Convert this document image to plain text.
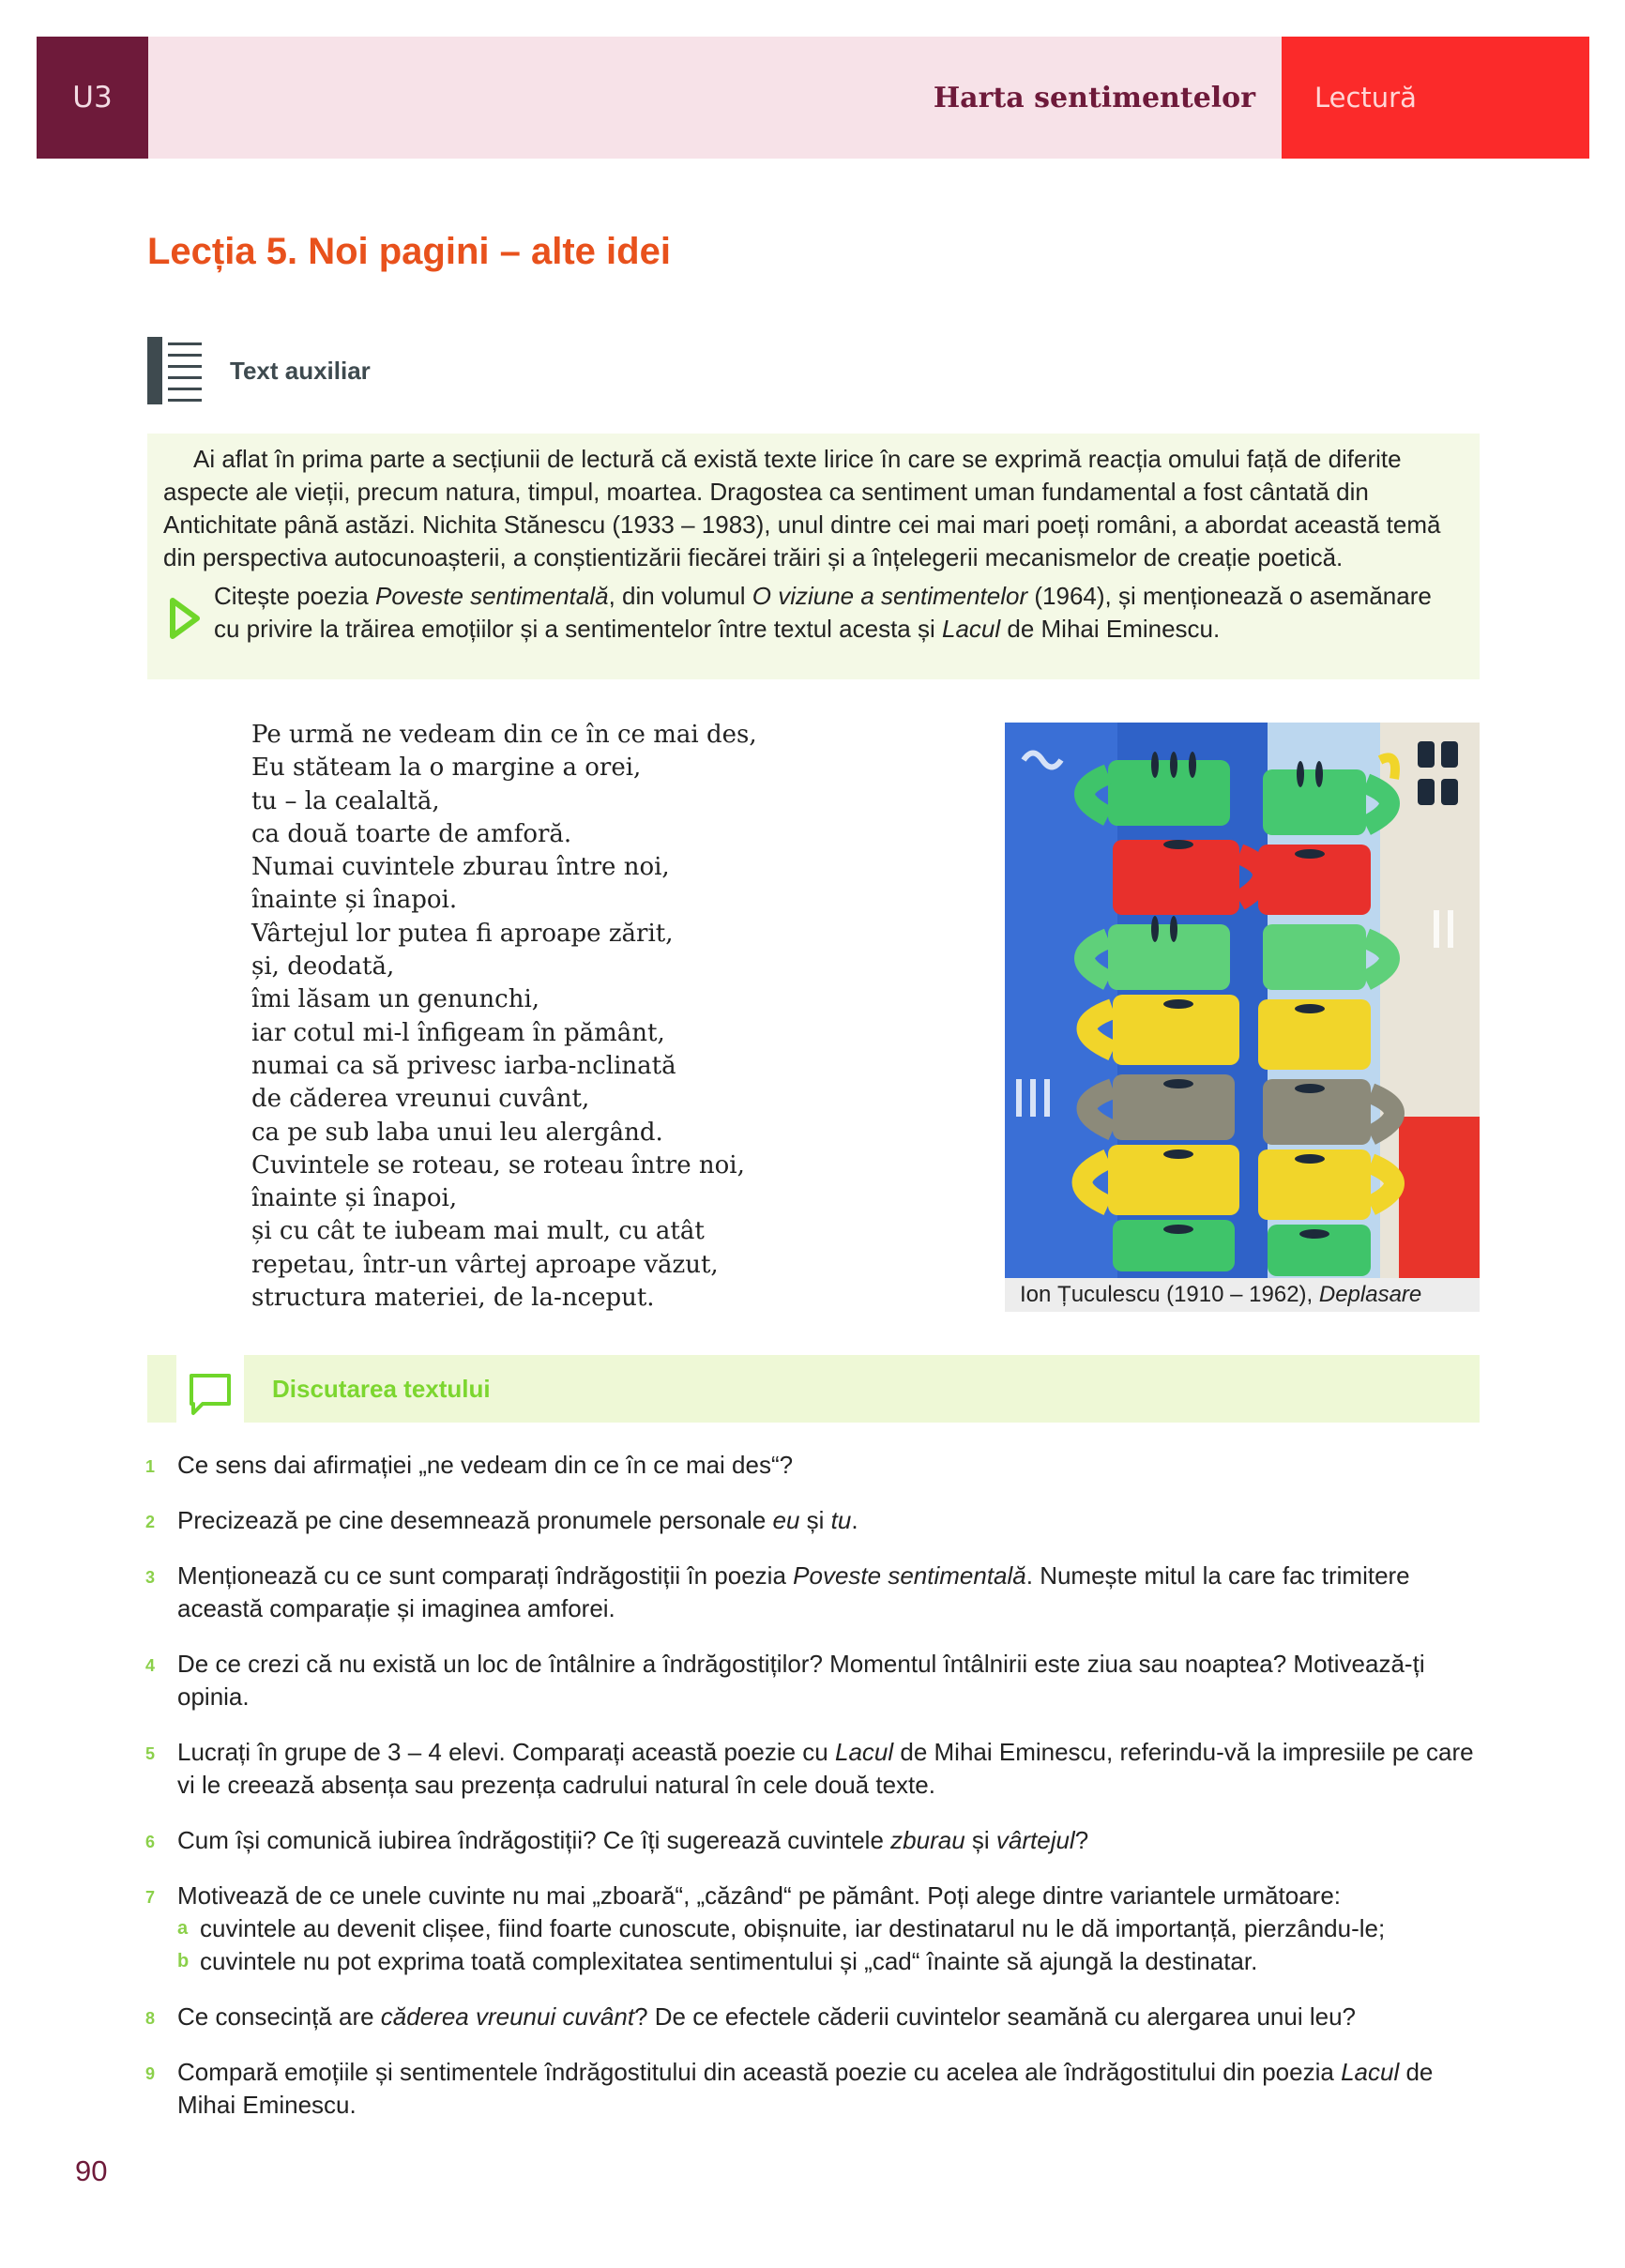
U3	Harta sentimentelor	Lectură
Lecția 5. Noi pagini – alte idei
Text auxiliar

Ai aflat în prima parte a secțiunii de lectură că există texte lirice în care se exprimă reacția omului față de diferite aspecte ale vieții, precum natura, timpul, moartea. Dragostea ca sentiment uman fundamental a fost cântată din Antichitate până astăzi. Nichita Stănescu (1933 – 1983), unul dintre cei mai mari poeți români, a abordat această temă din perspectiva autocunoașterii, a conștientizării fiecărei trăiri și a înțelegerii mecanismelor de creație poetică.

Citește poezia Poveste sentimentală, din volumul O viziune a sentimentelor (1964), și menționează o asemănare cu privire la trăirea emoțiilor și a sentimentelor între textul acesta și Lacul de Mihai Eminescu.
Pe urmă ne vedeam din ce în ce mai des,
Eu stăteam la o margine a orei,
tu – la cealaltă,
ca două toarte de amforă.
Numai cuvintele zburau între noi,
înainte și înapoi.
Vârtejul lor putea fi aproape zărit,
și, deodată,
îmi lăsam un genunchi,
iar cotul mi-l înfigeam în pământ,
numai ca să privesc iarba-nclinată
de căderea vreunui cuvânt,
ca pe sub laba unui leu alergând.
Cuvintele se roteau, se roteau între noi,
înainte și înapoi,
și cu cât te iubeam mai mult, cu atât
repetau, într-un vârtej aproape văzut,
structura materiei, de la-nceput.	Ion Țuculescu (1910 – 1962), Deplasare
Discutarea textului
1 Ce sens dai afirmației „ne vedeam din ce în ce mai des“?
2 Precizează pe cine desemnează pronumele personale eu și tu.
3 Menționează cu ce sunt comparați îndrăgostiții în poezia Poveste sentimentală. Numește mitul la care fac trimitere această comparație și imaginea amforei.
4 De ce crezi că nu există un loc de întâlnire a îndrăgostiților? Momentul întâlnirii este ziua sau noaptea? Motivează-ți opinia.
5 Lucrați în grupe de 3 – 4 elevi. Comparați această poezie cu Lacul de Mihai Eminescu, referindu-vă la impresiile pe care vi le creează absența sau prezența cadrului natural în cele două texte.
6 Cum își comunică iubirea îndrăgostiții? Ce îți sugerează cuvintele zburau și vârtejul?
7 Motivează de ce unele cuvinte nu mai „zboară“, „căzând“ pe pământ. Poți alege dintre variantele următoare:
a cuvintele au devenit clișee, fiind foarte cunoscute, obișnuite, iar destinatarul nu le dă importanță, pierzându-le;
b cuvintele nu pot exprima toată complexitatea sentimentului și „cad“ înainte să ajungă la destinatar.
8 Ce consecință are căderea vreunui cuvânt? De ce efectele căderii cuvintelor seamănă cu alergarea unui leu?
9 Compară emoțiile și sentimentele îndrăgostitului din această poezie cu acelea ale îndrăgostitului din poezia Lacul de Mihai Eminescu.
90
